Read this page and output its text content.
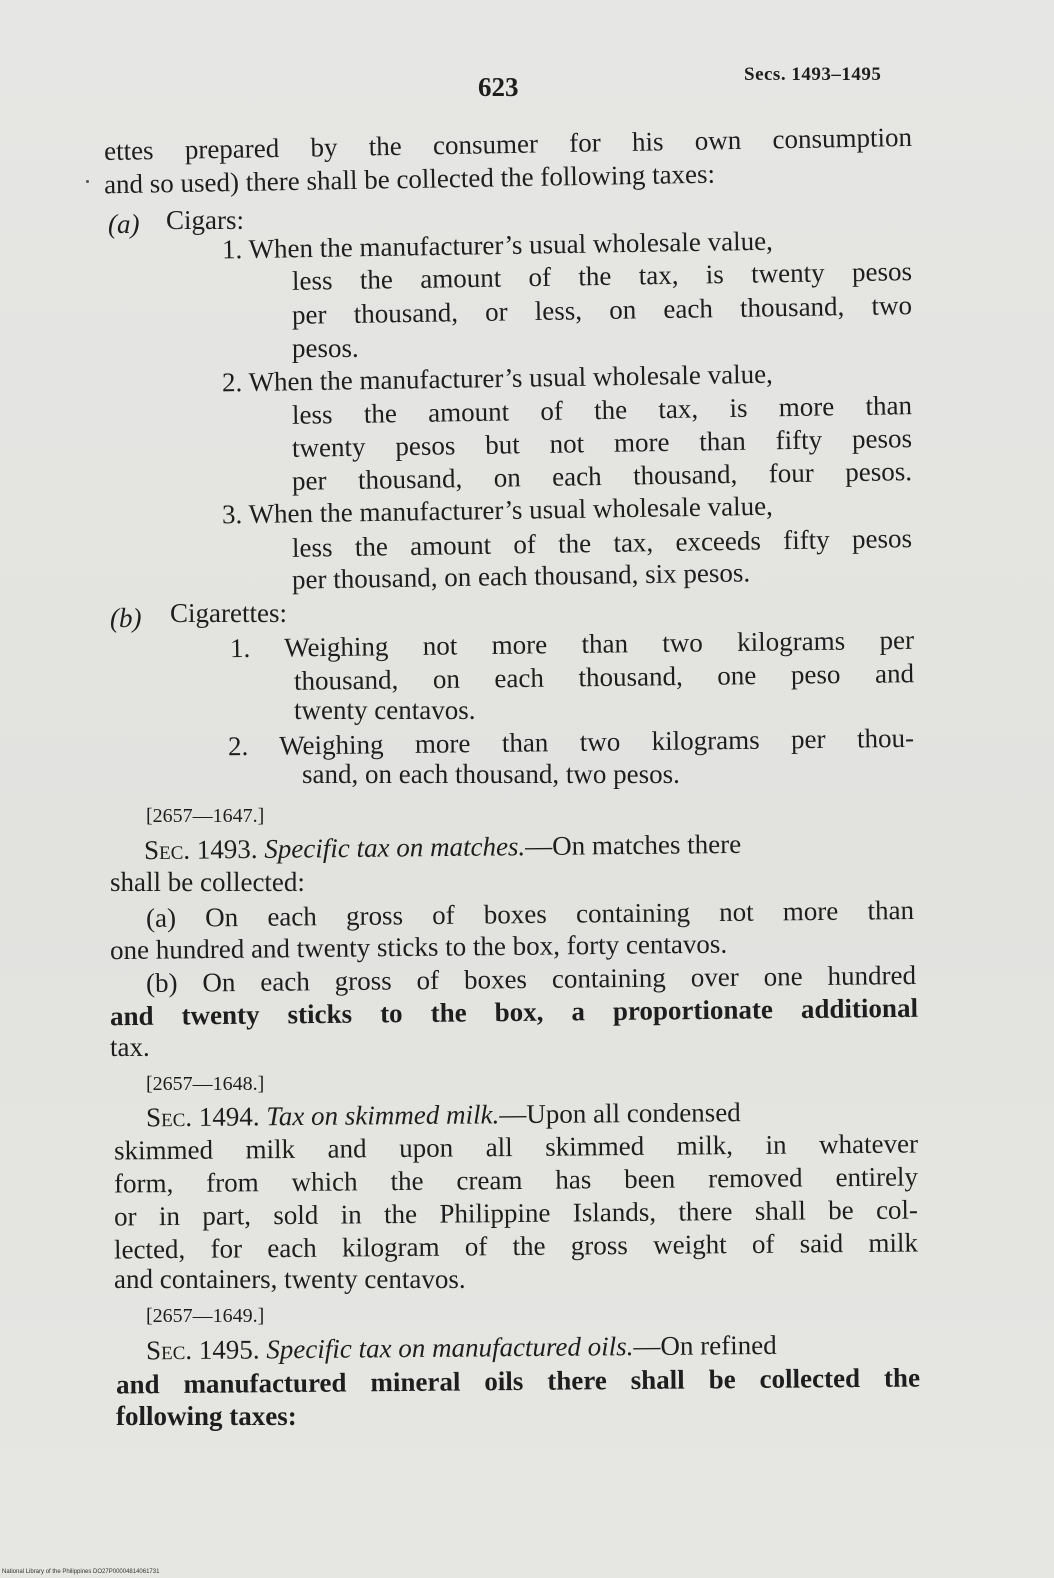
623	Secs. 1493–1495
ettes prepared by the consumer for his own consumption
and so used) there shall be collected the following taxes:
(a) Cigars:
1. When the manufacturer’s usual wholesale value,
less the amount of the tax, is twenty pesos
per thousand, or less, on each thousand, two
pesos.
2. When the manufacturer’s usual wholesale value,
less the amount of the tax, is more than
twenty pesos but not more than fifty pesos
per thousand, on each thousand, four pesos.
3. When the manufacturer’s usual wholesale value,
less the amount of the tax, exceeds fifty pesos
per thousand, on each thousand, six pesos.
(b) Cigarettes:
1. Weighing not more than two kilograms per
thousand, on each thousand, one peso and
twenty centavos.
2. Weighing more than two kilograms per thou-
sand, on each thousand, two pesos.
[2657—1647.]
Sec. 1493. Specific tax on matches.—On matches there
shall be collected:
(a) On each gross of boxes containing not more than
one hundred and twenty sticks to the box, forty centavos.
(b) On each gross of boxes containing over one hundred
and twenty sticks to the box, a proportionate additional
tax.
[2657—1648.]
Sec. 1494. Tax on skimmed milk.—Upon all condensed
skimmed milk and upon all skimmed milk, in whatever
form, from which the cream has been removed entirely
or in part, sold in the Philippine Islands, there shall be col-
lected, for each kilogram of the gross weight of said milk
and containers, twenty centavos.
[2657—1649.]
Sec. 1495. Specific tax on manufactured oils.—On refined
and manufactured mineral oils there shall be collected the
following taxes:
National Library of the Philippines DO27P00004814061731
